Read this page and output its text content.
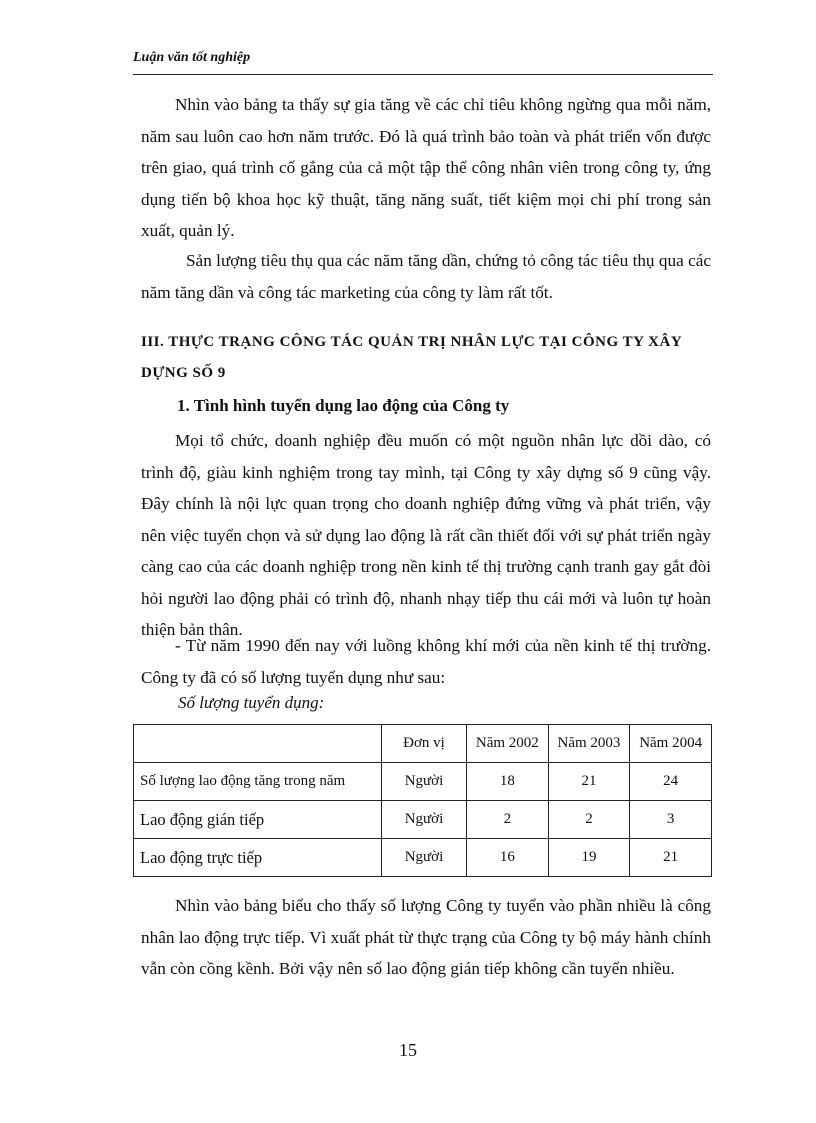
Luận văn tốt nghiệp

Nhìn vào bảng ta thấy sự gia tăng về các chỉ tiêu không ngừng qua mỗi năm, năm sau luôn cao hơn năm trước. Đó là quá trình bảo toàn và phát triển vốn được trên giao, quá trình cố gắng của cả một tập thể công nhân viên trong công ty, ứng dụng tiến bộ khoa học kỹ thuật, tăng năng suất, tiết kiệm mọi chi phí trong sản xuất, quản lý.

Sản lượng tiêu thụ qua các năm tăng dần, chứng tỏ công tác tiêu thụ qua các năm tăng dần và công tác marketing của công ty làm rất tốt.

III. THỰC TRẠNG CÔNG TÁC QUẢN TRỊ NHÂN LỰC TẠI CÔNG TY XÂY DỰNG SỐ 9

1. Tình hình tuyển dụng lao động của Công ty

Mọi tổ chức, doanh nghiệp đều muốn có một nguồn nhân lực dồi dào, có trình độ, giàu kinh nghiệm trong tay mình, tại Công ty xây dựng số 9 cũng vậy. Đây chính là nội lực quan trọng cho doanh nghiệp đứng vững và phát triển, vậy nên việc tuyển chọn và sử dụng lao động là rất cần thiết đối với sự phát triển ngày càng cao của các doanh nghiệp trong nền kinh tế thị trường cạnh tranh gay gắt đòi hỏi người lao động phải có trình độ, nhanh nhạy tiếp thu cái mới và luôn tự hoàn thiện bản thân.

- Từ năm 1990 đến nay với luồng không khí mới của nền kinh tế thị trường. Công ty đã có số lượng tuyển dụng như sau:

Số lượng tuyển dụng:
	Đơn vị	Năm 2002	Năm 2003	Năm 2004
Số lượng lao động tăng trong năm	Người	18	21	24
Lao động gián tiếp	Người	2	2	3
Lao động trực tiếp	Người	16	19	21

Nhìn vào bảng biểu cho thấy số lượng Công ty tuyển vào phần nhiều là công nhân lao động trực tiếp. Vì xuất phát từ thực trạng của Công ty bộ máy hành chính vẫn còn cồng kềnh. Bởi vậy nên số lao động gián tiếp không cần tuyển nhiều.

15
